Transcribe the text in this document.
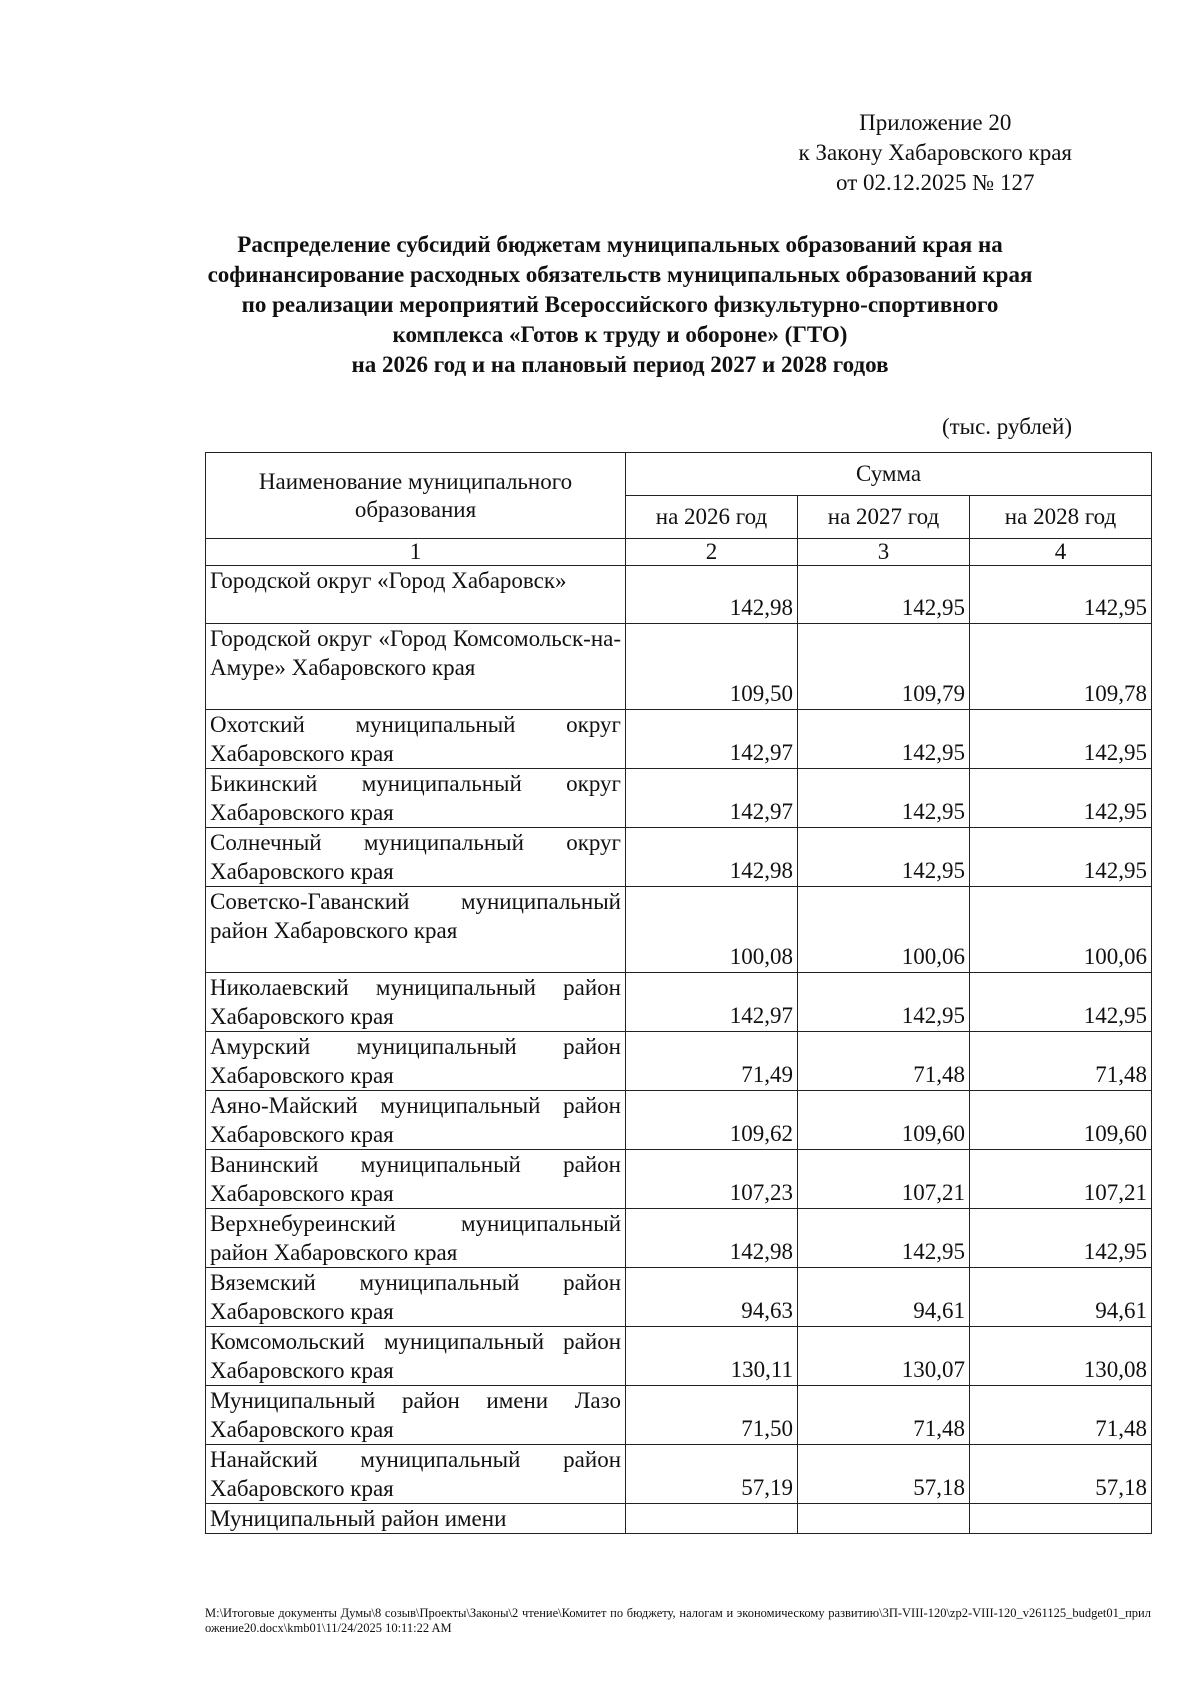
Приложение 20
к Закону Хабаровского края
от 02.12.2025 № 127
Распределение субсидий бюджетам муниципальных образований края на
софинансирование расходных обязательств муниципальных образований края
по реализации мероприятий Всероссийского физкультурно-спортивного
комплекса «Готов к труду и обороне» (ГТО)
на 2026 год и на плановый период 2027 и 2028 годов
(тыс. рублей)
Наименование муниципального образования	Сумма		
	на 2026 год	на 2027 год	на 2028 год
1	2	3	4
Городской округ «Город Хабаровск»	142,98	142,95	142,95
Городской округ «Город Комсомольск-на-Амуре» Хабаровского края	109,50	109,79	109,78
Охотский муниципальный округ Хабаровского края	142,97	142,95	142,95
Бикинский муниципальный округ Хабаровского края	142,97	142,95	142,95
Солнечный муниципальный округ Хабаровского края	142,98	142,95	142,95
Советско-Гаванский муниципальный район Хабаровского края	100,08	100,06	100,06
Николаевский муниципальный район Хабаровского края	142,97	142,95	142,95
Амурский муниципальный район Хабаровского края	71,49	71,48	71,48
Аяно-Майский муниципальный район Хабаровского края	109,62	109,60	109,60
Ванинский муниципальный район Хабаровского края	107,23	107,21	107,21
Верхнебуреинский муниципальный район Хабаровского края	142,98	142,95	142,95
Вяземский муниципальный район Хабаровского края	94,63	94,61	94,61
Комсомольский муниципальный район Хабаровского края	130,11	130,07	130,08
Муниципальный район имени Лазо Хабаровского края	71,50	71,48	71,48
Нанайский муниципальный район Хабаровского края	57,19	57,18	57,18
Муниципальный район имени			
М:\Итоговые документы Думы\8 созыв\Проекты\Законы\2 чтение\Комитет по бюджету, налогам и экономическому развитию\3П-VIII-120\zp2-VIII-120_v261125_budget01_приложение20.docx\kmb01\11/24/2025 10:11:22 AM
